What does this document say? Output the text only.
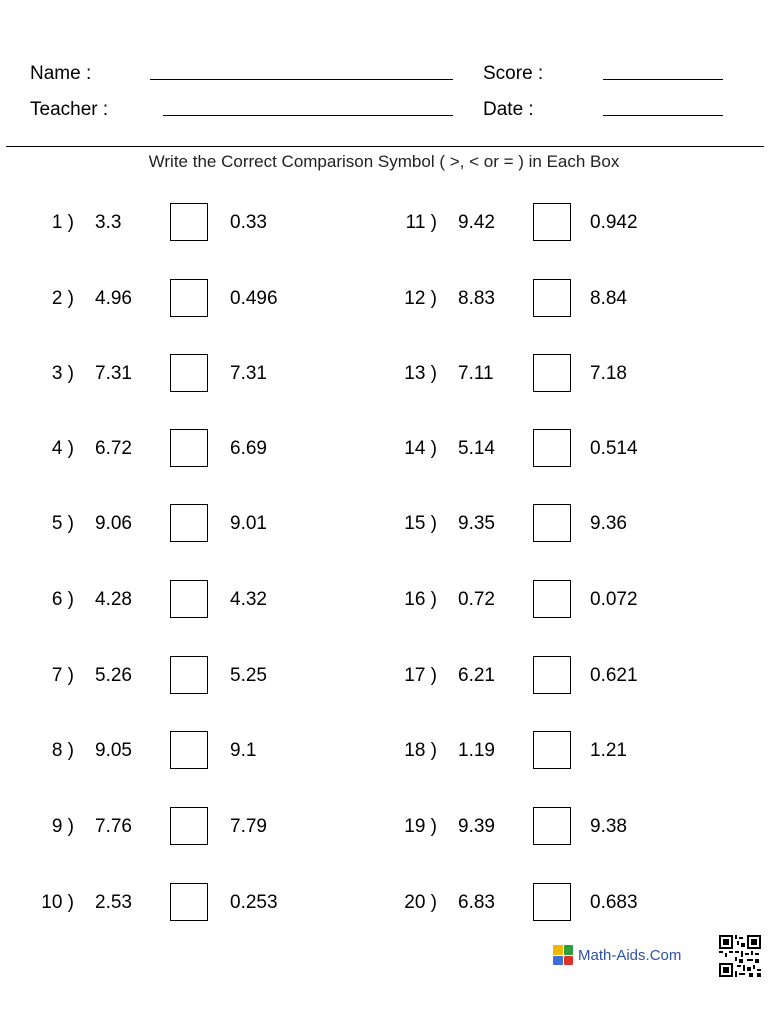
Name :	Score :
Teacher :	Date :
Write the Correct Comparison Symbol ( >, < or = ) in Each Box
1 ) 3.3	0.33
2 ) 4.96	0.496
3 ) 7.31	7.31
4 ) 6.72	6.69
5 ) 9.06	9.01
6 ) 4.28	4.32
7 ) 5.26	5.25
8 ) 9.05	9.1
9 ) 7.76	7.79
10 ) 2.53	0.253
11 ) 9.42	0.942
12 ) 8.83	8.84
13 ) 7.11	7.18
14 ) 5.14	0.514
15 ) 9.35	9.36
16 ) 0.72	0.072
17 ) 6.21	0.621
18 ) 1.19	1.21
19 ) 9.39	9.38
20 ) 6.83	0.683
Math-Aids.Com
